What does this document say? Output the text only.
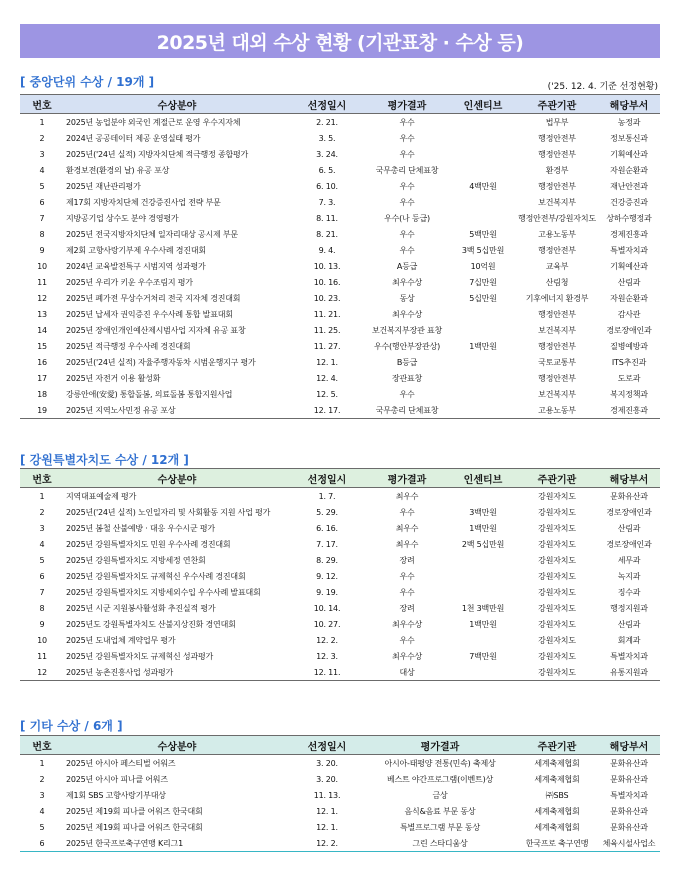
2025년 대외 수상 현황 (기관표창 · 수상 등)
[ 중앙단위 수상 / 19개 ]	('25. 12. 4. 기준 선정현황)
번호	수상분야	선정일시	평가결과	인센티브	주관기관	해당부서
1	2025년 농업분야 외국인 계절근로 운영 우수지자체	2. 21.	우수		법무부	농정과
2	2024년 공공데이터 제공 운영실태 평가	3. 5.	우수		행정안전부	정보통신과
3	2025년('24년 실적) 지방자치단체 적극행정 종합평가	3. 24.	우수		행정안전부	기획예산과
4	환경보전(환경의 날) 유공 포상	6. 5.	국무총리 단체표창		환경부	자원순환과
5	2025년 재난관리평가	6. 10.	우수	4백만원	행정안전부	재난안전과
6	제17회 지방자치단체 건강증진사업 전략 부문	7. 3.	우수		보건복지부	건강증진과
7	지방공기업 상수도 분야 경영평가	8. 11.	우수(나 등급)		행정안전부/강원자치도	상하수행정과
8	2025년 전국지방자치단체 일자리대상 공시제 부문	8. 21.	우수	5백만원	고용노동부	경제진흥과
9	제2회 고향사랑기부제 우수사례 경진대회	9. 4.	우수	3백 5십만원	행정안전부	특별자치과
10	2024년 교육발전특구 시범지역 성과평가	10. 13.	A등급	10억원	교육부	기획예산과
11	2025년 우리가 키운 우수조림지 평가	10. 16.	최우수상	7십만원	산림청	산림과
12	2025년 폐가전 무상수거처리 전국 지자체 경진대회	10. 23.	동상	5십만원	기후에너지 환경부	자원순환과
13	2025년 납세자 권익증진 우수사례 통합 발표대회	11. 21.	최우수상		행정안전부	감사관
14	2025년 장애인개인예산제시범사업 지자체 유공 표창	11. 25.	보건복지부장관 표창		보건복지부	경로장애인과
15	2025년 적극행정 우수사례 경진대회	11. 27.	우수(행안부장관상)	1백만원	행정안전부	질병예방과
16	2025년('24년 실적) 자율주행자동차 시범운행지구 평가	12. 1.	B등급		국토교통부	ITS추진과
17	2025년 자전거 이용 활성화	12. 4.	장관표창		행정안전부	도로과
18	강릉안애(安愛) 통합돌봄, 의료돌봄 통합지원사업	12. 5.	우수		보건복지부	복지정책과
19	2025년 지역노사민정 유공 포상	12. 17.	국무총리 단체표창		고용노동부	경제진흥과
[ 강원특별자치도 수상 / 12개 ]
번호	수상분야	선정일시	평가결과	인센티브	주관기관	해당부서
1	지역대표예술제 평가	1. 7.	최우수		강원자치도	문화유산과
2	2025년('24년 실적) 노인일자리 및 사회활동 지원 사업 평가	5. 29.	우수	3백만원	강원자치도	경로장애인과
3	2025년 봄철 산불예방 · 대응 우수시군 평가	6. 16.	최우수	1백만원	강원자치도	산림과
4	2025년 강원특별자치도 민원 우수사례 경진대회	7. 17.	최우수	2백 5십만원	강원자치도	경로장애인과
5	2025년 강원특별자치도 지방세정 연찬회	8. 29.	장려		강원자치도	세무과
6	2025년 강원특별자치도 규제혁신 우수사례 경진대회	9. 12.	우수		강원자치도	녹지과
7	2025년 강원특별자치도 지방세외수입 우수사례 발표대회	9. 19.	우수		강원자치도	징수과
8	2025년 시군 지원봉사활성화 추진실적 평가	10. 14.	장려	1천 3백만원	강원자치도	행정지원과
9	2025년도 강원특별자치도 산불지상진화 경연대회	10. 27.	최우수상	1백만원	강원자치도	산림과
10	2025년 도내업체 계약업무 평가	12. 2.	우수		강원자치도	회계과
11	2025년 강원특별자치도 규제혁신 성과평가	12. 3.	최우수상	7백만원	강원자치도	특별자치과
12	2025년 농촌진흥사업 성과평가	12. 11.	대상		강원자치도	유통지원과
[ 기타 수상 / 6개 ]
번호	수상분야	선정일시	평가결과	주관기관	해당부서
1	2025년 아시아 페스티벌 어워즈	3. 20.	아시아-태평양 전통(민속) 축제상	세계축제협회	문화유산과
2	2025년 아시아 피나클 어워즈	3. 20.	베스트 야간프로그램(이벤트)상	세계축제협회	문화유산과
3	제1회 SBS 고향사랑기부대상	11. 13.	금상	㈜SBS	특별자치과
4	2025년 제19회 피나클 어워즈 한국대회	12. 1.	음식&음료 부문 동상	세계축제협회	문화유산과
5	2025년 제19회 피나클 어워즈 한국대회	12. 1.	특별프로그램 부문 동상	세계축제협회	문화유산과
6	2025년 한국프로축구연맹 K리그1	12. 2.	그린 스타디움상	한국프로 축구연맹	체육시설사업소
